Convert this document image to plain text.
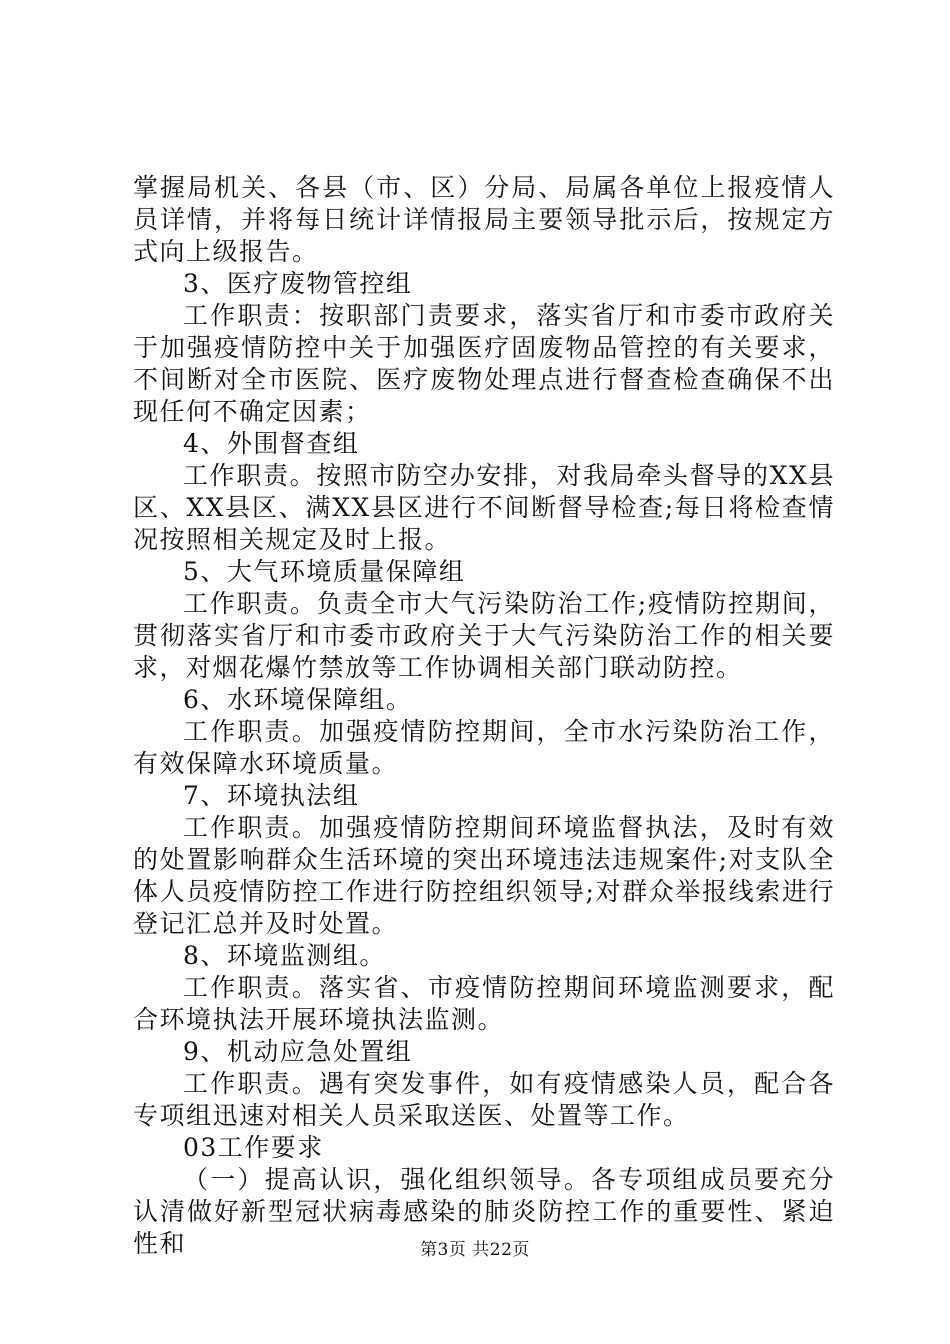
掌握局机关、各县（市、区）分局、局属各单位上报疫情人员详情，并将每日统计详情报局主要领导批示后，按规定方式向上级报告。

3、医疗废物管控组

工作职责：按职部门责要求，落实省厅和市委市政府关于加强疫情防控中关于加强医疗固废物品管控的有关要求，不间断对全市医院、医疗废物处理点进行督查检查确保不出现任何不确定因素；

4、外围督查组

工作职责。按照市防空办安排，对我局牵头督导的XX县区、XX县区、满XX县区进行不间断督导检查;每日将检查情况按照相关规定及时上报。

5、大气环境质量保障组

工作职责。负责全市大气污染防治工作;疫情防控期间，贯彻落实省厅和市委市政府关于大气污染防治工作的相关要求，对烟花爆竹禁放等工作协调相关部门联动防控。

6、水环境保障组。

工作职责。加强疫情防控期间，全市水污染防治工作，有效保障水环境质量。

7、环境执法组

工作职责。加强疫情防控期间环境监督执法，及时有效的处置影响群众生活环境的突出环境违法违规案件;对支队全体人员疫情防控工作进行防控组织领导;对群众举报线索进行登记汇总并及时处置。

8、环境监测组。

工作职责。落实省、市疫情防控期间环境监测要求，配合环境执法开展环境执法监测。

9、机动应急处置组

工作职责。遇有突发事件，如有疫情感染人员，配合各专项组迅速对相关人员采取送医、处置等工作。

03工作要求

（一）提高认识，强化组织领导。各专项组成员要充分认清做好新型冠状病毒感染的肺炎防控工作的重要性、紧迫性和	第3页 共22页
